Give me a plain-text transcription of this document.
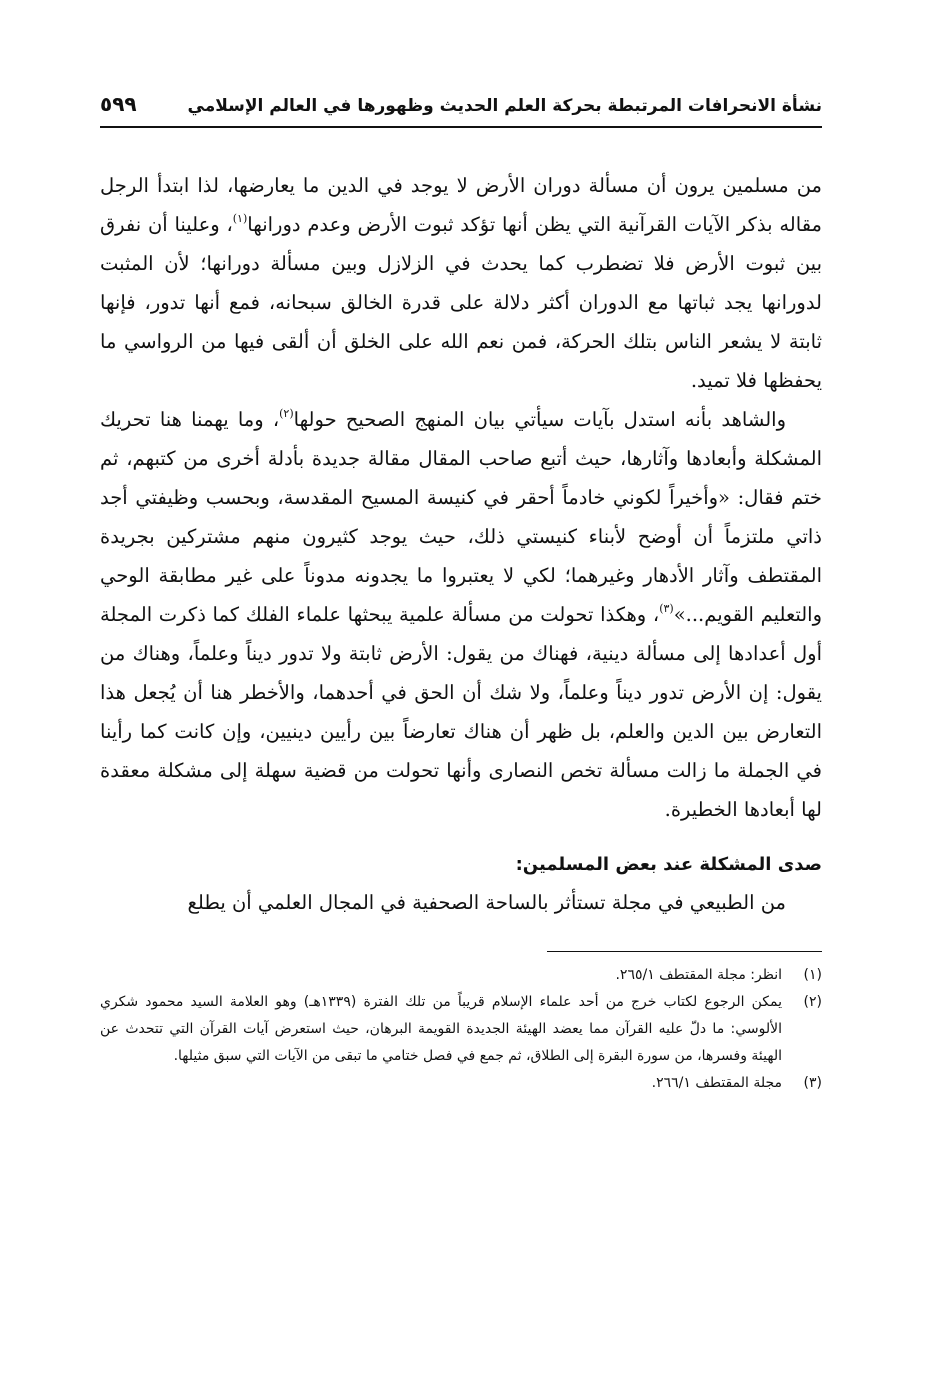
نشأة الانحرافات المرتبطة بحركة العلم الحديث وظهورها في العالم الإسلامي
٥٩٩

من مسلمين يرون أن مسألة دوران الأرض لا يوجد في الدين ما يعارضها، لذا ابتدأ الرجل مقاله بذكر الآيات القرآنية التي يظن أنها تؤكد ثبوت الأرض وعدم دورانها$^{(١)}$، وعلينا أن نفرق بين ثبوت الأرض فلا تضطرب كما يحدث في الزلازل وبين مسألة دورانها؛ لأن المثبت لدورانها يجد ثباتها مع الدوران أكثر دلالة على قدرة الخالق سبحانه، فمع أنها تدور، فإنها ثابتة لا يشعر الناس بتلك الحركة، فمن نعم الله على الخلق أن ألقى فيها من الرواسي ما يحفظها فلا تميد.

والشاهد بأنه استدل بآيات سيأتي بيان المنهج الصحيح حولها$^{(٢)}$، وما يهمنا هنا تحريك المشكلة وأبعادها وآثارها، حيث أتبع صاحب المقال مقالة جديدة بأدلة أخرى من كتبهم، ثم ختم فقال: «وأخيراً لكوني خادماً أحقر في كنيسة المسيح المقدسة، وبحسب وظيفتي أجد ذاتي ملتزماً أن أوضح لأبناء كنيستي ذلك، حيث يوجد كثيرون منهم مشتركين بجريدة المقتطف وآثار الأدهار وغيرهما؛ لكي لا يعتبروا ما يجدونه مدوناً على غير مطابقة الوحي والتعليم القويم...»$^{(٣)}$، وهكذا تحولت من مسألة علمية يبحثها علماء الفلك كما ذكرت المجلة أول أعدادها إلى مسألة دينية، فهناك من يقول: الأرض ثابتة ولا تدور ديناً وعلماً، وهناك من يقول: إن الأرض تدور ديناً وعلماً، ولا شك أن الحق في أحدهما، والأخطر هنا أن يُجعل هذا التعارض بين الدين والعلم، بل ظهر أن هناك تعارضاً بين رأيين دينيين، وإن كانت كما رأينا في الجملة ما زالت مسألة تخص النصارى وأنها تحولت من قضية سهلة إلى مشكلة معقدة لها أبعادها الخطيرة.

صدى المشكلة عند بعض المسلمين:

من الطبيعي في مجلة تستأثر بالساحة الصحفية في المجال العلمي أن يطلع

(١)
انظر: مجلة المقتطف ٢٦٥/١.
(٢)
يمكن الرجوع لكتاب خرج من أحد علماء الإسلام قريباً من تلك الفترة (١٣٣٩هـ) وهو العلامة السيد محمود شكري الألوسي: ما دلّ عليه القرآن مما يعضد الهيئة الجديدة القويمة البرهان، حيث استعرض آيات القرآن التي تتحدث عن الهيئة وفسرها، من سورة البقرة إلى الطلاق، ثم جمع في فصل ختامي ما تبقى من الآيات التي سبق مثيلها.
(٣)
مجلة المقتطف ٢٦٦/١.
